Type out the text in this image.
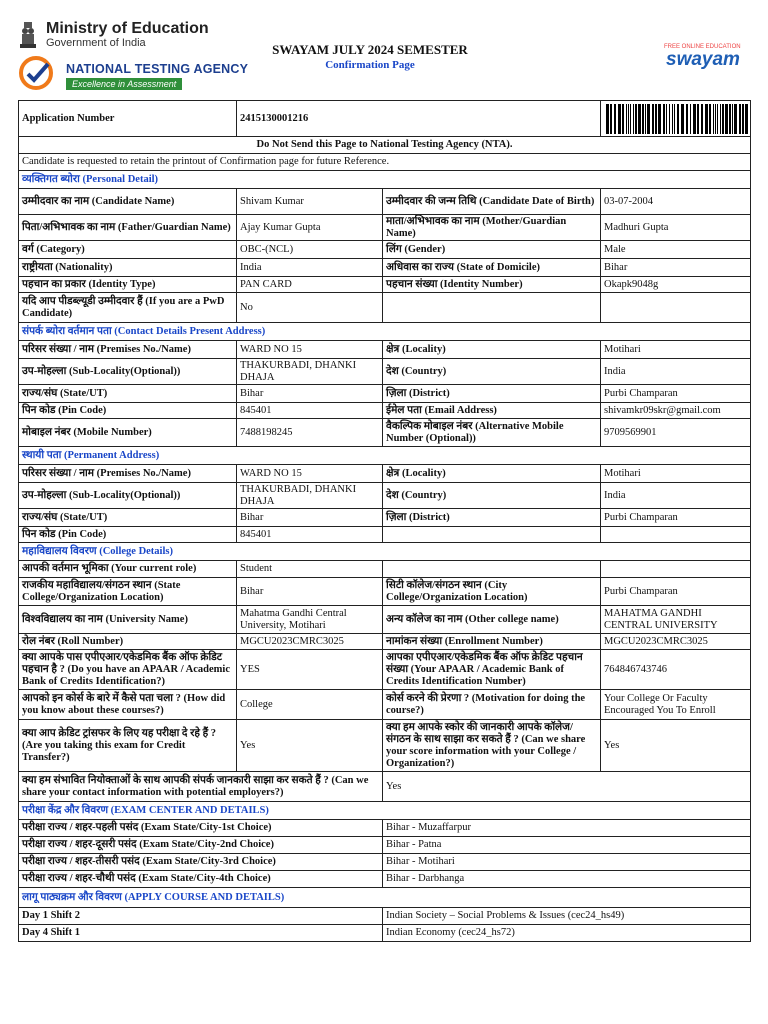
Ministry of Education
Government of India
NATIONAL TESTING AGENCY
Excellence in Assessment
SWAYAM JULY 2024 SEMESTER
Confirmation Page
FREE ONLINE EDUCATION
swayam
Application Number	2415130001216	

Do Not Send this Page to National Testing Agency (NTA).			
Candidate is requested to retain the printout of Confirmation page for future Reference.			
व्यक्तिगत ब्योरा (Personal Detail)			
उम्मीदवार का नाम (Candidate Name)	Shivam Kumar	उम्मीदवार की जन्म तिथि (Candidate Date of Birth)	03-07-2004
पिता/अभिभावक का नाम (Father/Guardian Name)	Ajay Kumar Gupta	माता/अभिभावक का नाम (Mother/Guardian Name)	Madhuri Gupta
वर्ग (Category)	OBC-(NCL)	लिंग (Gender)	Male
राष्ट्रीयता (Nationality)	India	अधिवास का राज्य (State of Domicile)	Bihar
पहचान का प्रकार (Identity Type)	PAN CARD	पहचान संख्या (Identity Number)	Okapk9048g
यदि आप पीडब्ल्यूडी उम्मीदवार हैं (If you are a PwD Candidate)	No		
संपर्क ब्योरा वर्तमान पता (Contact Details Present Address)			
परिसर संख्या / नाम (Premises No./Name)	WARD NO 15	क्षेत्र (Locality)	Motihari
उप-मोहल्ला (Sub-Locality(Optional))	THAKURBADI, DHANKI DHAJA	देश (Country)	India
राज्य/संघ (State/UT)	Bihar	ज़िला (District)	Purbi Champaran
पिन कोड (Pin Code)	845401	ईमेल पता (Email Address)	shivamkr09skr@gmail.com
मोबाइल नंबर (Mobile Number)	7488198245	वैकल्पिक मोबाइल नंबर (Alternative Mobile Number (Optional))	9709569901
स्थायी पता (Permanent Address)			
परिसर संख्या / नाम (Premises No./Name)	WARD NO 15	क्षेत्र (Locality)	Motihari
उप-मोहल्ला (Sub-Locality(Optional))	THAKURBADI, DHANKI DHAJA	देश (Country)	India
राज्य/संघ (State/UT)	Bihar	ज़िला (District)	Purbi Champaran
पिन कोड (Pin Code)	845401		
महाविद्यालय विवरण (College Details)			
आपकी वर्तमान भूमिका (Your current role)	Student		
राजकीय महाविद्यालय/संगठन स्थान (State College/Organization Location)	Bihar	सिटी कॉलेज/संगठन स्थान (City College/Organization Location)	Purbi Champaran
विश्वविद्यालय का नाम (University Name)	Mahatma Gandhi Central University, Motihari	अन्य कॉलेज का नाम (Other college name)	MAHATMA GANDHI CENTRAL UNIVERSITY
रोल नंबर (Roll Number)	MGCU2023CMRC3025	नामांकन संख्या (Enrollment Number)	MGCU2023CMRC3025
क्या आपके पास एपीएआर/एकेडमिक बैंक ऑफ क्रेडिट पहचान है ? (Do you have an APAAR / Academic Bank of Credits Identification?)	YES	आपका एपीएआर/एकेडमिक बैंक ऑफ क्रेडिट पहचान संख्या (Your APAAR / Academic Bank of Credits Identification Number)	764846743746
आपको इन कोर्स के बारे में कैसे पता चला ? (How did you know about these courses?)	College	कोर्स करने की प्रेरणा ? (Motivation for doing the course?)	Your College Or Faculty Encouraged You To Enroll
क्या आप क्रेडिट ट्रांसफर के लिए यह परीक्षा दे रहे हैं ? (Are you taking this exam for Credit Transfer?)	Yes	क्या हम आपके स्कोर की जानकारी आपके कॉलेज/संगठन के साथ साझा कर सकते हैं ? (Can we share your score information with your College / Organization?)	Yes
क्या हम संभावित नियोक्ताओं के साथ आपकी संपर्क जानकारी साझा कर सकते हैं ? (Can we share your contact information with potential employers?)		Yes	
परीक्षा केंद्र और विवरण (EXAM CENTER AND DETAILS)			
परीक्षा राज्य / शहर-पहली पसंद (Exam State/City-1st Choice)		Bihar - Muzaffarpur	
परीक्षा राज्य / शहर-दूसरी पसंद (Exam State/City-2nd Choice)		Bihar - Patna	
परीक्षा राज्य / शहर-तीसरी पसंद (Exam State/City-3rd Choice)		Bihar - Motihari	
परीक्षा राज्य / शहर-चौथी पसंद (Exam State/City-4th Choice)		Bihar - Darbhanga	
लागू पाठ्यक्रम और विवरण (APPLY COURSE AND DETAILS)			
Day 1 Shift 2		Indian Society – Social Problems & Issues (cec24_hs49)	
Day 4 Shift 1		Indian Economy (cec24_hs72)	
